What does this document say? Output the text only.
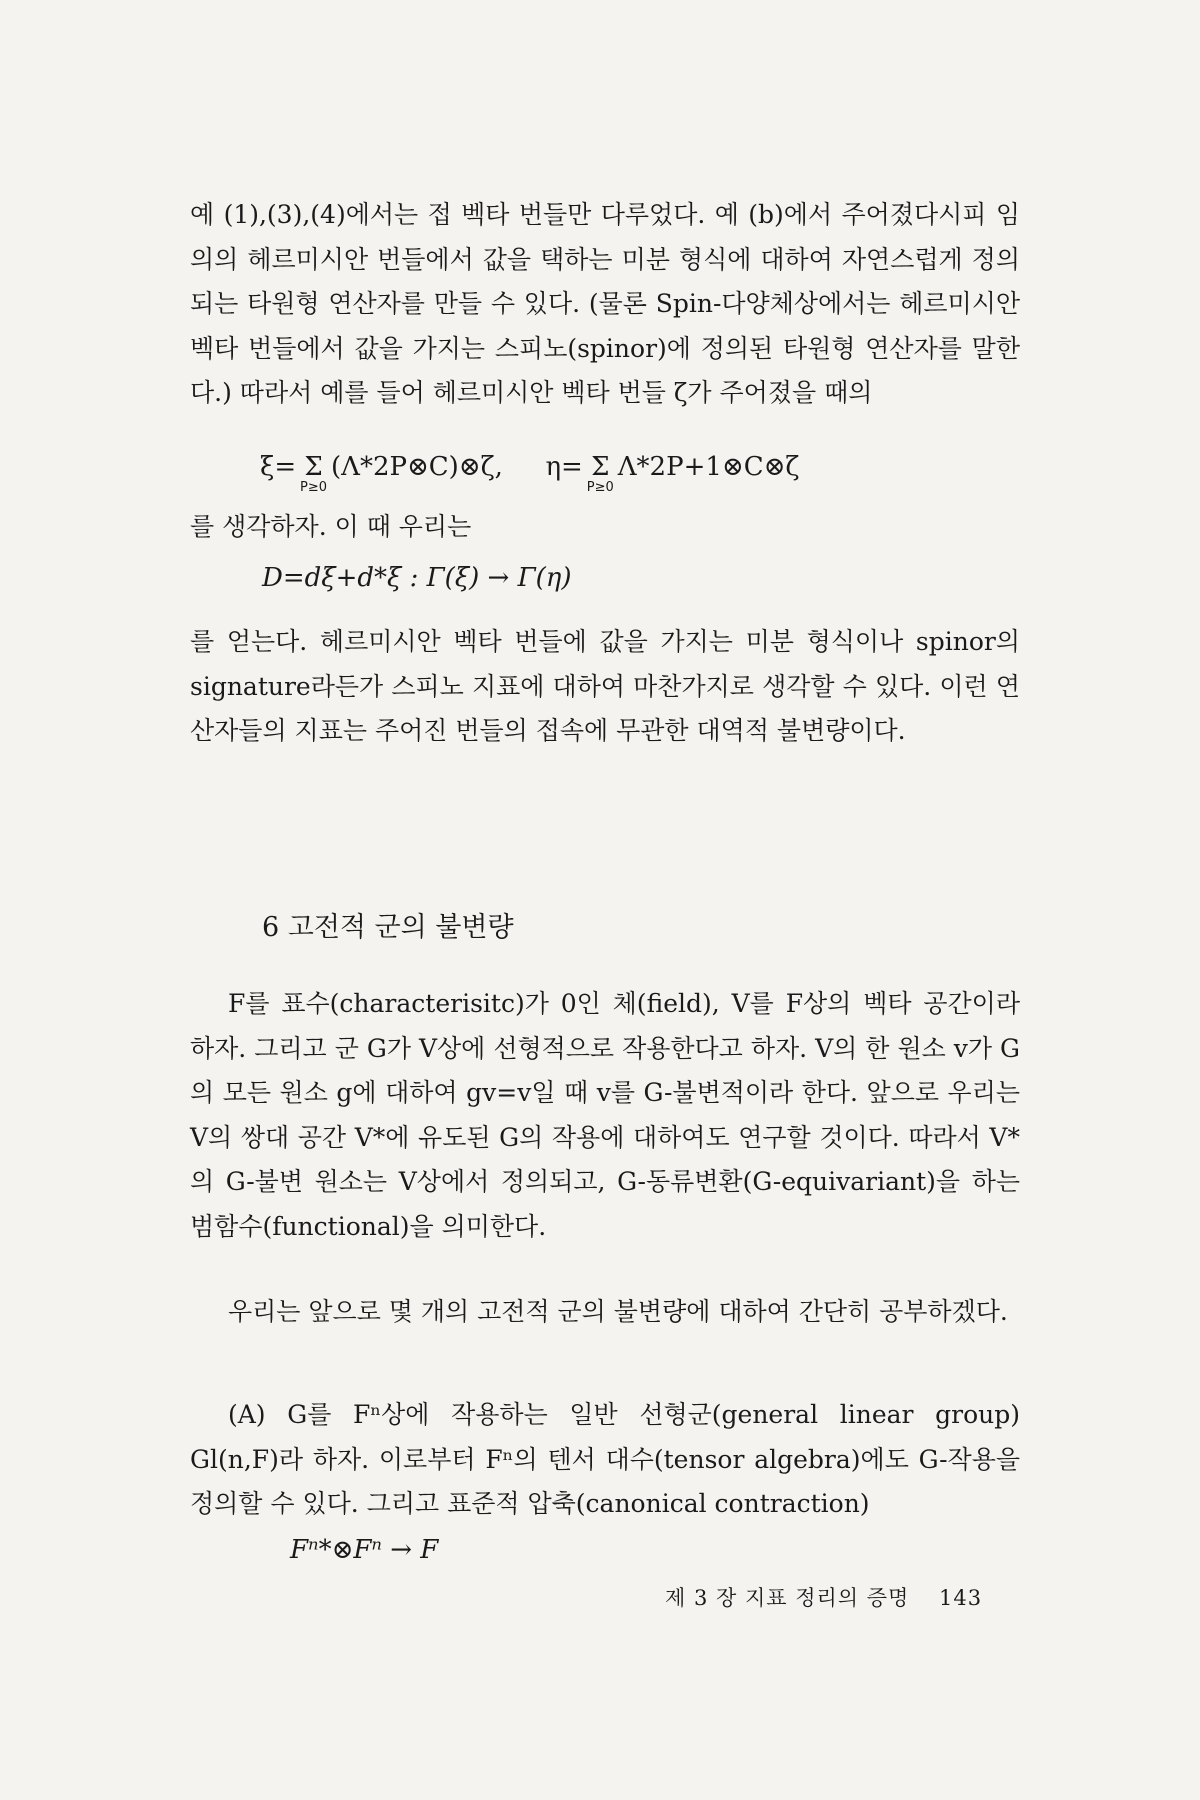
예 (1),(3),(4)에서는 접 벡타 번들만 다루었다. 예 (b)에서 주어졌다시피 임의의 헤르미시안 번들에서 값을 택하는 미분 형식에 대하여 자연스럽게 정의되는 타원형 연산자를 만들 수 있다. (물론 Spin-다양체상에서는 헤르미시안 벡타 번들에서 값을 가지는 스피노(spinor)에 정의된 타원형 연산자를 말한다.) 따라서 예를 들어 헤르미시안 벡타 번들 ζ가 주어졌을 때의

ξ= Σ
P≥0
(Λ*2P⊗C)⊗ζ, η= Σ
P≥0
Λ*2P+1⊗C⊗ζ

를 생각하자. 이 때 우리는

D=dξ+d*ξ : Γ(ξ) → Γ(η)

를 얻는다. 헤르미시안 벡타 번들에 값을 가지는 미분 형식이나 spinor의 signature라든가 스피노 지표에 대하여 마찬가지로 생각할 수 있다. 이런 연산자들의 지표는 주어진 번들의 접속에 무관한 대역적 불변량이다.

6 고전적 군의 불변량

F를 표수(characterisitc)가 0인 체(field), V를 F상의 벡타 공간이라 하자. 그리고 군 G가 V상에 선형적으로 작용한다고 하자. V의 한 원소 v가 G의 모든 원소 g에 대하여 gv=v일 때 v를 G-불변적이라 한다. 앞으로 우리는 V의 쌍대 공간 V*에 유도된 G의 작용에 대하여도 연구할 것이다. 따라서 V*의 G-불변 원소는 V상에서 정의되고, G-동류변환(G-equivariant)을 하는 범함수(functional)을 의미한다.

우리는 앞으로 몇 개의 고전적 군의 불변량에 대하여 간단히 공부하겠다.

(A) G를 Fⁿ상에 작용하는 일반 선형군(general linear group) Gl(n,F)라 하자. 이로부터 Fⁿ의 텐서 대수(tensor algebra)에도 G-작용을 정의할 수 있다. 그리고 표준적 압축(canonical contraction)

Fⁿ*⊗Fⁿ → F
제 3 장 지표 정리의 증명 143
